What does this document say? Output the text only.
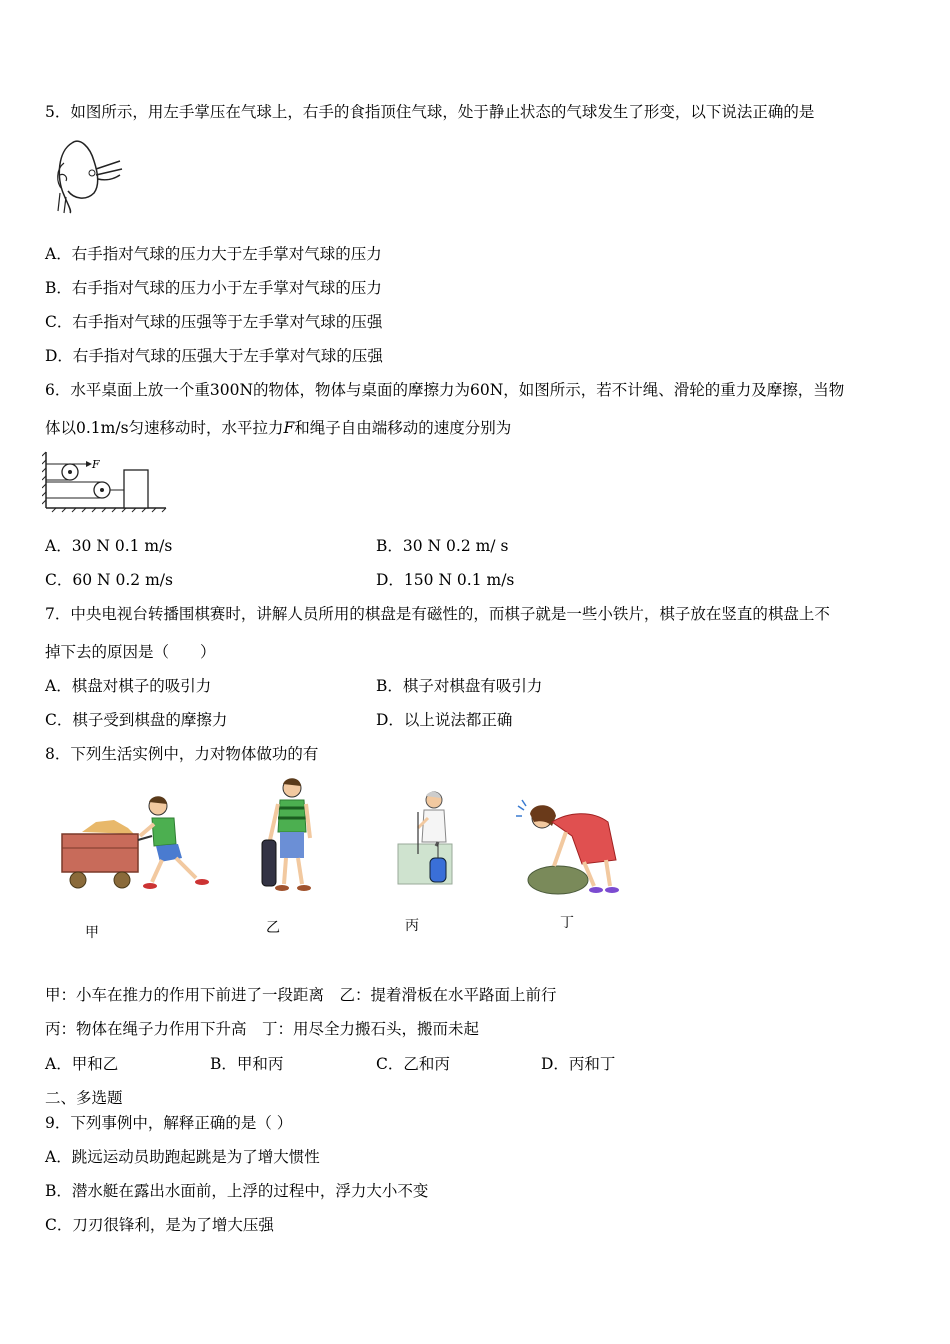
5．如图所示，用左手掌压在气球上，右手的食指顶住气球，处于静止状态的气球发生了形变，以下说法正确的是
A．右手指对气球的压力大于左手掌对气球的压力
B．右手指对气球的压力小于左手掌对气球的压力
C．右手指对气球的压强等于左手掌对气球的压强
D．右手指对气球的压强大于左手掌对气球的压强
6．水平桌面上放一个重300N的物体，物体与桌面的摩擦力为60N，如图所示，若不计绳、滑轮的重力及摩擦，当物
体以0.1m/s匀速移动时，水平拉力F和绳子自由端移动的速度分别为
F
A．30 N 0.1 m/s	B．30 N 0.2 m/ s
C．60 N 0.2 m/s	D．150 N 0.1 m/s
7．中央电视台转播围棋赛时，讲解人员所用的棋盘是有磁性的，而棋子就是一些小铁片，棋子放在竖直的棋盘上不
掉下去的原因是（　　）
A．棋盘对棋子的吸引力	B．棋子对棋盘有吸引力
C．棋子受到棋盘的摩擦力	D．以上说法都正确
8．下列生活实例中，力对物体做功的有
甲	乙	丙	丁
甲：小车在推力的作用下前进了一段距离　乙：提着滑板在水平路面上前行
丙：物体在绳子力作用下升高　丁：用尽全力搬石头，搬而未起
A．甲和乙	B．甲和丙	C．乙和丙	D．丙和丁
二、多选题
9．下列事例中，解释正确的是（ ）
A．跳远运动员助跑起跳是为了增大惯性
B．潜水艇在露出水面前，上浮的过程中，浮力大小不变
C．刀刃很锋利，是为了增大压强
